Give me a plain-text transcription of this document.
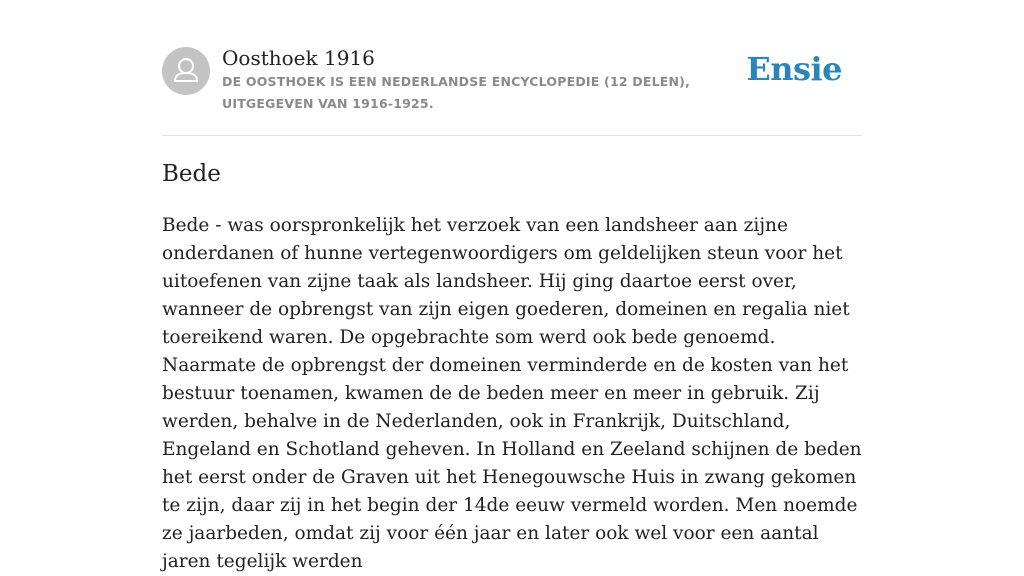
Oosthoek 1916
DE OOSTHOEK IS EEN NEDERLANDSE ENCYCLOPEDIE (12 DELEN), UITGEGEVEN VAN 1916-1925.
Ensie
Bede

Bede - was oorspronkelijk het verzoek van een landsheer aan zijne onderdanen of hunne vertegenwoordigers om geldelijken steun voor het uitoefenen van zijne taak als landsheer. Hij ging daartoe eerst over, wanneer de opbrengst van zijn eigen goederen, domeinen en regalia niet toereikend waren. De opgebrachte som werd ook bede genoemd. Naarmate de opbrengst der domeinen verminderde en de kosten van het bestuur toenamen, kwamen de de beden meer en meer in gebruik. Zij werden, behalve in de Nederlanden, ook in Frankrijk, Duitschland, Engeland en Schotland geheven. In Holland en Zeeland schijnen de beden het eerst onder de Graven uit het Henegouwsche Huis in zwang gekomen te zijn, daar zij in het begin der 14de eeuw vermeld worden. Men noemde ze jaarbeden, omdat zij voor één jaar en later ook wel voor een aantal jaren tegelijk werden
